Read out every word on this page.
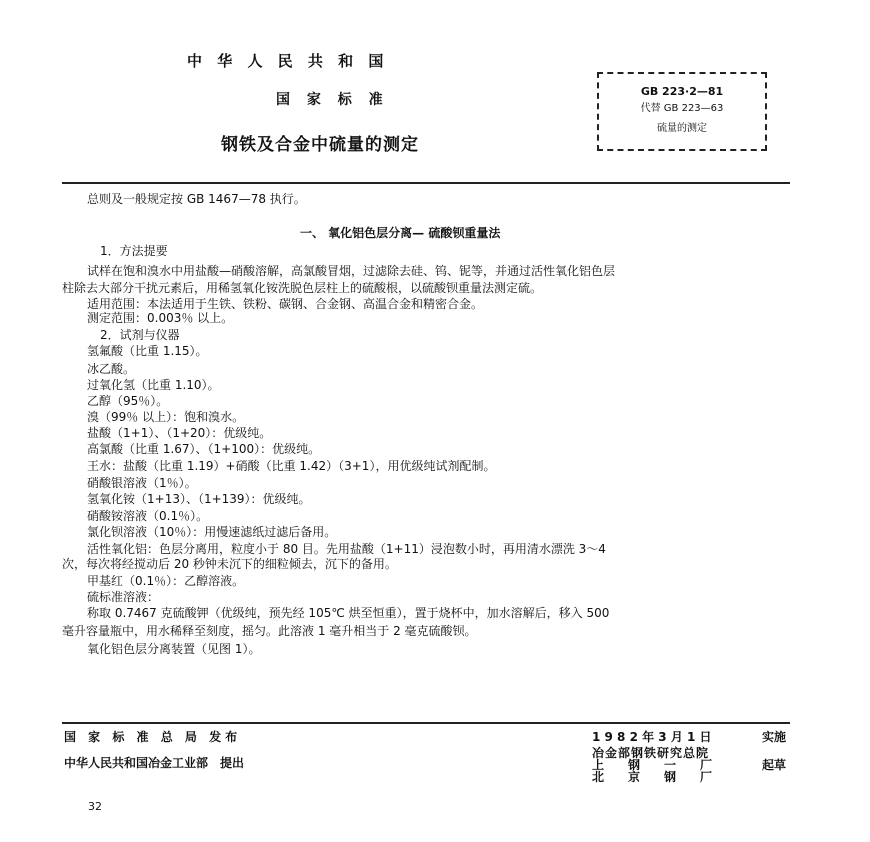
中 华 人 民 共 和 国
国 家 标 准
钢铁及合金中硫量的测定
GB 223·2—81
代替 GB 223—63
硫量的测定
总则及一般规定按 GB 1467—78 执行。
一、 氧化铝色层分离— 硫酸钡重量法
1．方法提要
试样在饱和溴水中用盐酸—硝酸溶解，高氯酸冒烟，过滤除去硅、钨、铌等，并通过活性氧化铝色层
柱除去大部分干扰元素后，用稀氢氧化铵洗脱色层柱上的硫酸根，以硫酸钡重量法测定硫。
适用范围：本法适用于生铁、铁粉、碳钢、合金钢、高温合金和精密合金。
测定范围：0.003％ 以上。
2．试剂与仪器
氢氟酸（比重 1.15）。
冰乙酸。
过氧化氢（比重 1.10）。
乙醇（95％）。
溴（99％ 以上）：饱和溴水。
盐酸（1+1）、（1+20）：优级纯。
高氯酸（比重 1.67）、（1+100）：优级纯。
王水：盐酸（比重 1.19）+硝酸（比重 1.42）（3+1），用优级纯试剂配制。
硝酸银溶液（1％）。
氢氧化铵（1+13）、（1+139）：优级纯。
硝酸铵溶液（0.1％）。
氯化钡溶液（10％）：用慢速滤纸过滤后备用。
活性氧化铝：色层分离用，粒度小于 80 目。先用盐酸（1+11）浸泡数小时，再用清水漂洗 3～4
次，每次将经搅动后 20 秒钟未沉下的细粒倾去，沉下的备用。
甲基红（0.1％）：乙醇溶液。
硫标准溶液：
称取 0.7467 克硫酸钾（优级纯，预先经 105℃ 烘至恒重），置于烧杯中，加水溶解后，移入 500
毫升容量瓶中，用水稀释至刻度，摇匀。此溶液 1 毫升相当于 2 毫克硫酸钡。
氧化铝色层分离装置（见图 1）。
国 家 标 准 总 局 发布
中华人民共和国冶金工业部　提出
1 9 8 2 年 3 月 1 日	实施
冶金部钢铁研究总院
上　钢　一　厂
北　京　钢　厂
起草
32
